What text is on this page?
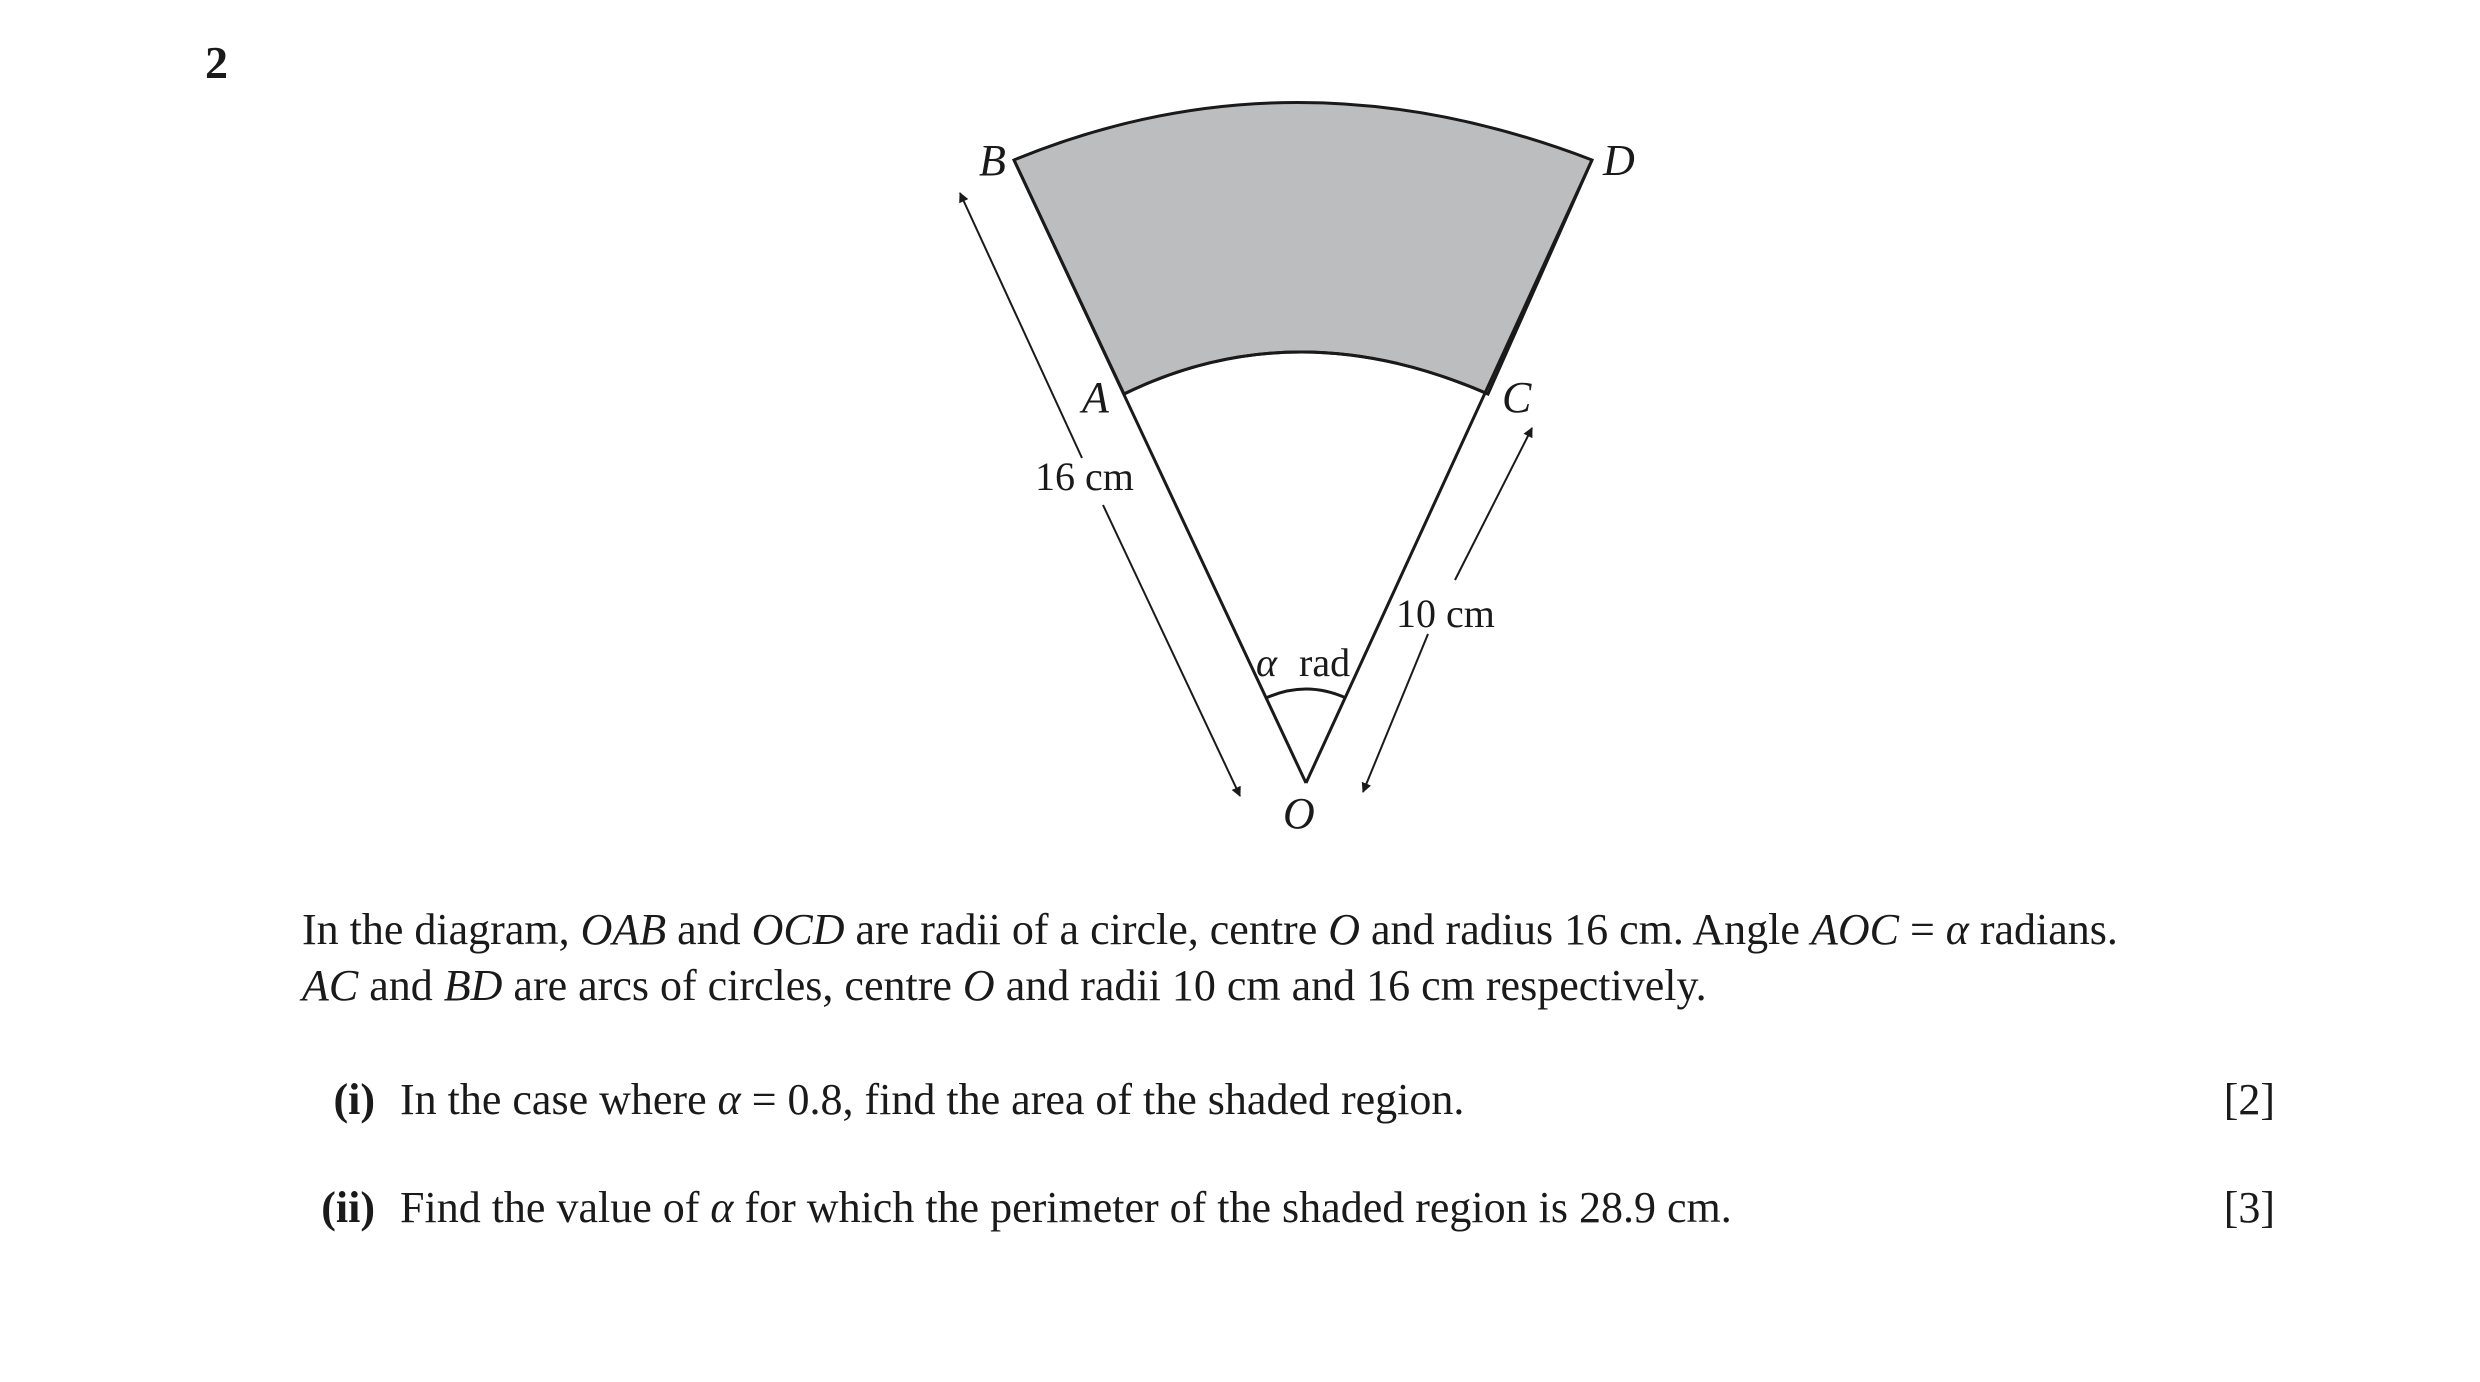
2
B	D
A	C
O
16 cm
10 cm
α rad

In the diagram, OAB and OCD are radii of a circle, centre O and radius 16 cm. Angle AOC = α radians.

AC and BD are arcs of circles, centre O and radii 10 cm and 16 cm respectively.

(i) In the case where α = 0.8, find the area of the shaded region.	[2]
(ii) Find the value of α for which the perimeter of the shaded region is 28.9 cm.	[3]
